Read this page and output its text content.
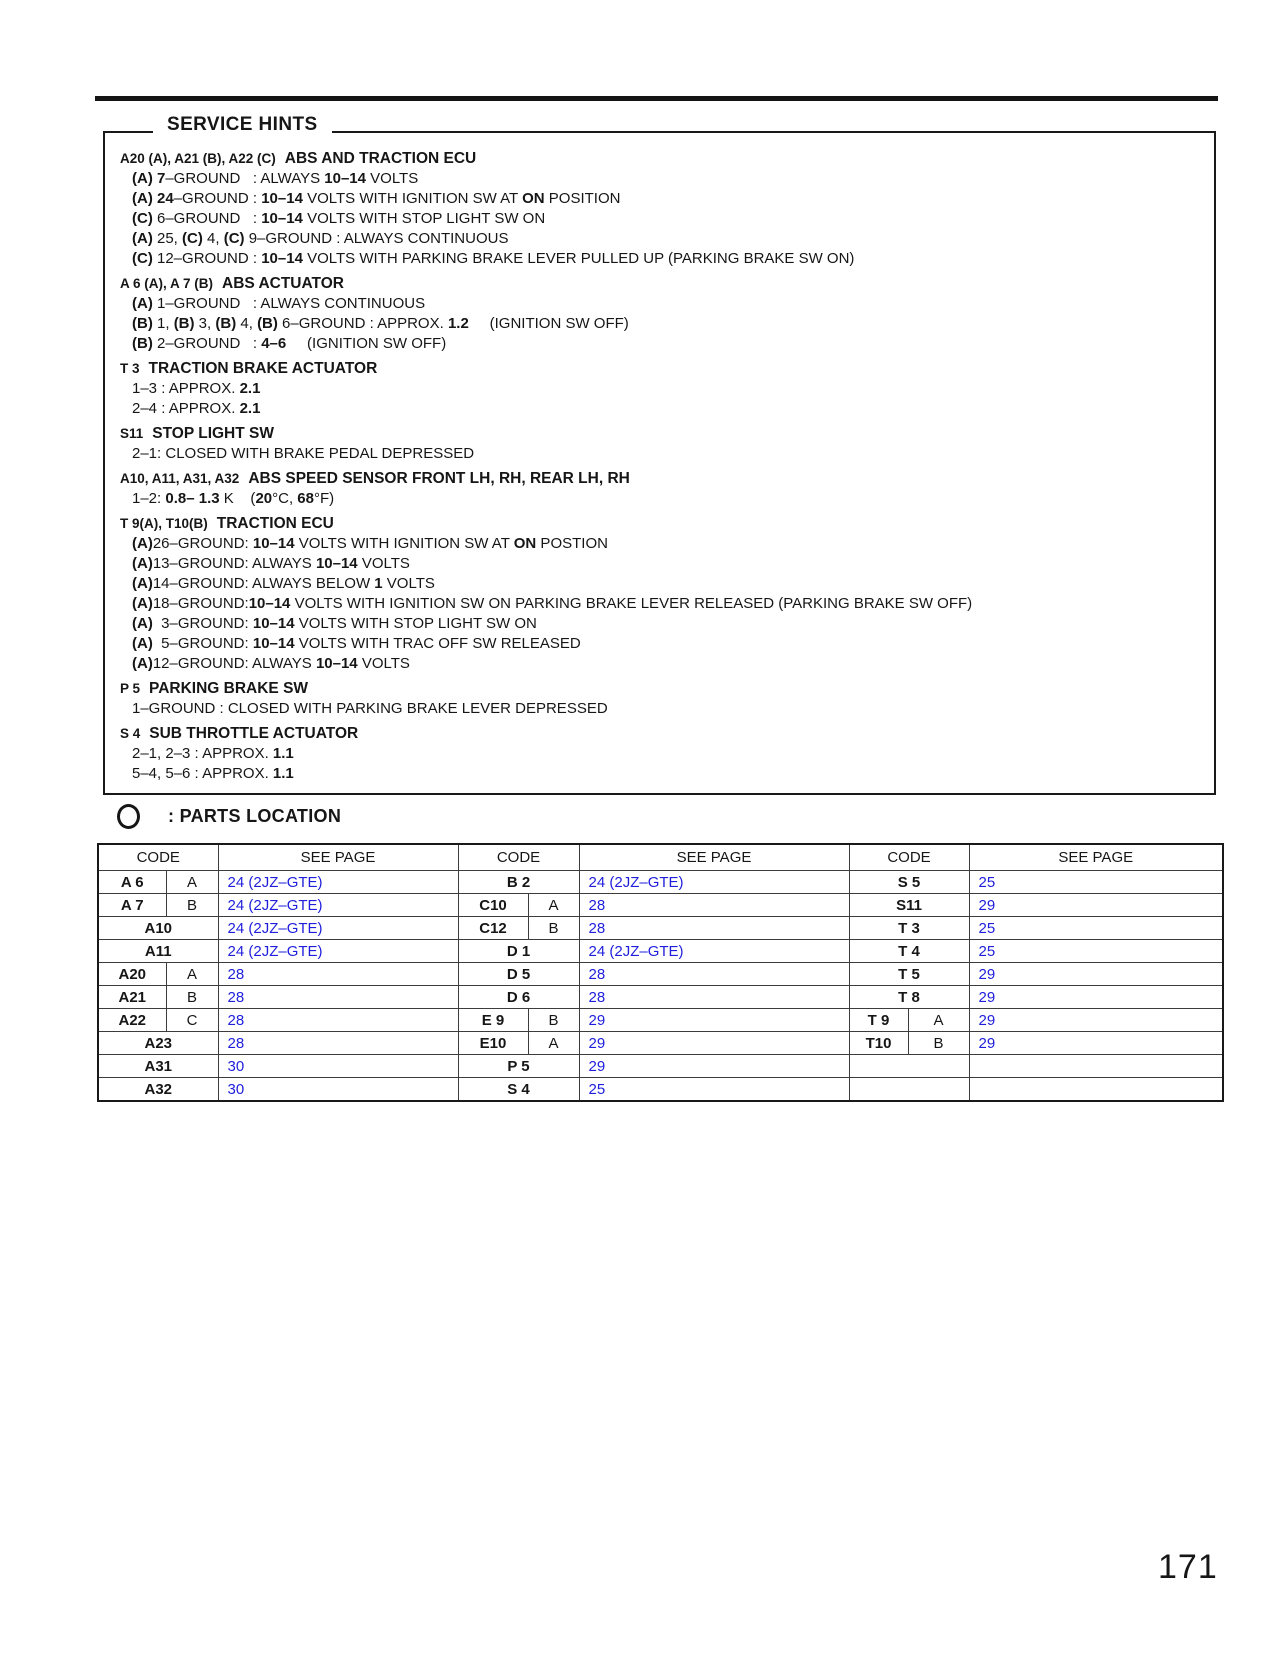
SERVICE HINTS
A20 (A), A21 (B), A22 (C) ABS AND TRACTION ECU
(A) 7–GROUND   : ALWAYS 10–14 VOLTS
(A) 24–GROUND : 10–14 VOLTS WITH IGNITION SW AT ON POSITION
(C) 6–GROUND   : 10–14 VOLTS WITH STOP LIGHT SW ON
(A) 25, (C) 4, (C) 9–GROUND : ALWAYS CONTINUOUS
(C) 12–GROUND : 10–14 VOLTS WITH PARKING BRAKE LEVER PULLED UP (PARKING BRAKE SW ON)
A 6 (A), A 7 (B) ABS ACTUATOR
(A) 1–GROUND   : ALWAYS CONTINUOUS
(B) 1, (B) 3, (B) 4, (B) 6–GROUND : APPROX. 1.2     (IGNITION SW OFF)
(B) 2–GROUND   : 4–6     (IGNITION SW OFF)
T 3 TRACTION BRAKE ACTUATOR
1–3 : APPROX. 2.1
2–4 : APPROX. 2.1
S11 STOP LIGHT SW
2–1: CLOSED WITH BRAKE PEDAL DEPRESSED
A10, A11, A31, A32 ABS SPEED SENSOR FRONT LH, RH, REAR LH, RH
1–2: 0.8– 1.3 K    (20°C, 68°F)
T 9(A), T10(B) TRACTION ECU
(A)26–GROUND: 10–14 VOLTS WITH IGNITION SW AT ON POSTION
(A)13–GROUND: ALWAYS 10–14 VOLTS
(A)14–GROUND: ALWAYS BELOW 1 VOLTS
(A)18–GROUND:10–14 VOLTS WITH IGNITION SW ON PARKING BRAKE LEVER RELEASED (PARKING BRAKE SW OFF)
(A)  3–GROUND: 10–14 VOLTS WITH STOP LIGHT SW ON
(A)  5–GROUND: 10–14 VOLTS WITH TRAC OFF SW RELEASED
(A)12–GROUND: ALWAYS 10–14 VOLTS
P 5 PARKING BRAKE SW
1–GROUND : CLOSED WITH PARKING BRAKE LEVER DEPRESSED
S 4 SUB THROTTLE ACTUATOR
2–1, 2–3 : APPROX. 1.1
5–4, 5–6 : APPROX. 1.1
: PARTS LOCATION
CODE		SEE PAGE	CODE		SEE PAGE	CODE		SEE PAGE
A 6	A	24 (2JZ–GTE)	B 2		24 (2JZ–GTE)	S 5		25
A 7	B	24 (2JZ–GTE)	C10	A	28	S11		29
A10		24 (2JZ–GTE)	C12	B	28	T 3		25
A11		24 (2JZ–GTE)	D 1		24 (2JZ–GTE)	T 4		25
A20	A	28	D 5		28	T 5		29
A21	B	28	D 6		28	T 8		29
A22	C	28	E 9	B	29	T 9	A	29
A23		28	E10	A	29	T10	B	29
A31		30	P 5		29			
A32		30	S 4		25			
171
